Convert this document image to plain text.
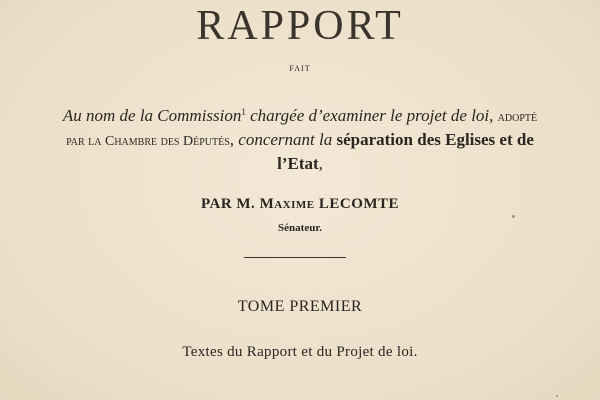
RAPPORT
FAIT
Au nom de la Commission$^1$ chargée d’examiner le projet de loi, adopté par la Chambre des Députés, concernant la séparation des Eglises et de l’Etat,
PAR M. Maxime LECOMTE
Sénateur.
TOME PREMIER
Textes du Rapport et du Projet de loi.
